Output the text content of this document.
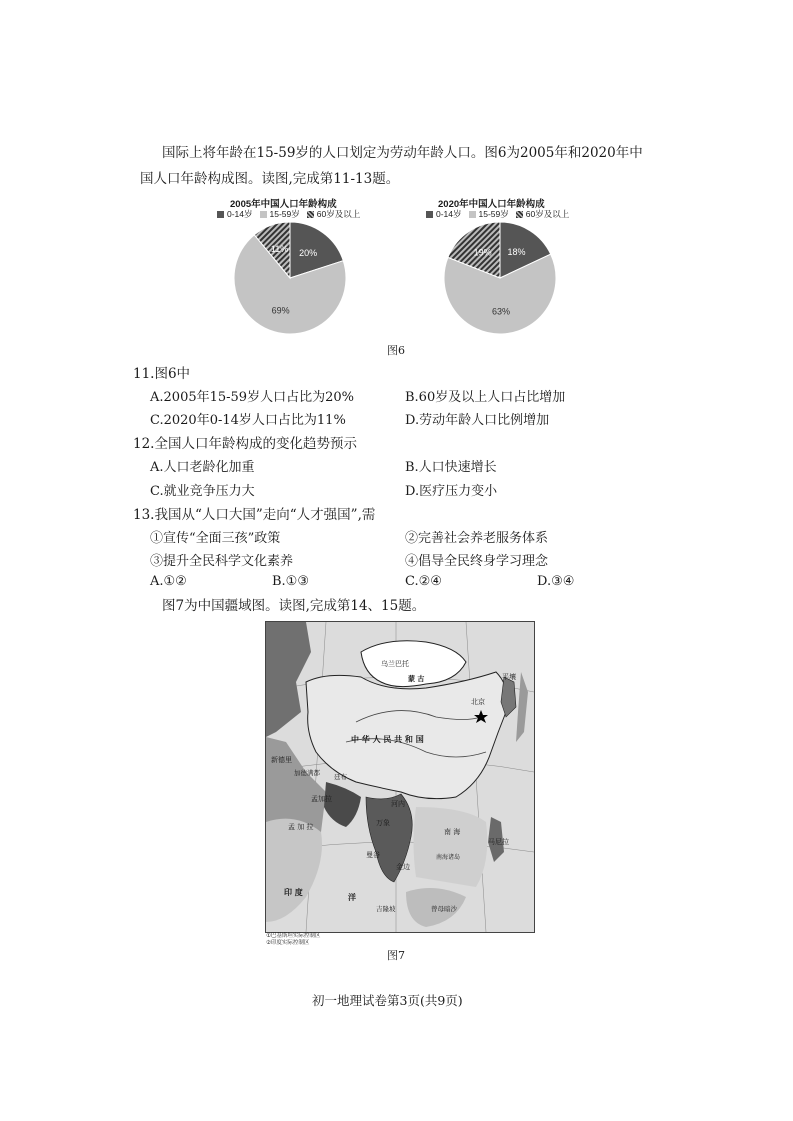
国际上将年龄在15-59岁的人口划定为劳动年龄人口。图6为2005年和2020年中
国人口年龄构成图。读图,完成第11-13题。
2005年中国人口年龄构成
0-14岁 15-59岁 60岁及以上
20%
69%
11%
2020年中国人口年龄构成
0-14岁 15-59岁 60岁及以上
18%
63%
19%
图6
11.图6中
A.2005年15-59岁人口占比为20%	B.60岁及以上人口占比增加
C.2020年0-14岁人口占比为11%	D.劳动年龄人口比例增加
12.全国人口年龄构成的变化趋势预示
A.人口老龄化加重	B.人口快速增长
C.就业竞争压力大	D.医疗压力变小
13.我国从“人口大国”走向“人才强国”,需
①宣传“全面三孩”政策	②完善社会养老服务体系
③提升全民科学文化素养	④倡导全民终身学习理念
A.①②	B.①③	C.②④	D.③④
图7为中国疆域图。读图,完成第14、15题。
乌兰巴托
蒙 古
北京
平壤
中 华 人 民 共 和 国
新德里
加德满都 廷布
孟加拉
河内
万象
曼谷
金边
马尼拉
南 海
南海诸岛
曾母暗沙
印 度	洋
吉隆坡
孟 加 拉
①巴基斯坦实际控制区
②印度实际控制区
图7
初一地理试卷第3页(共9页)
